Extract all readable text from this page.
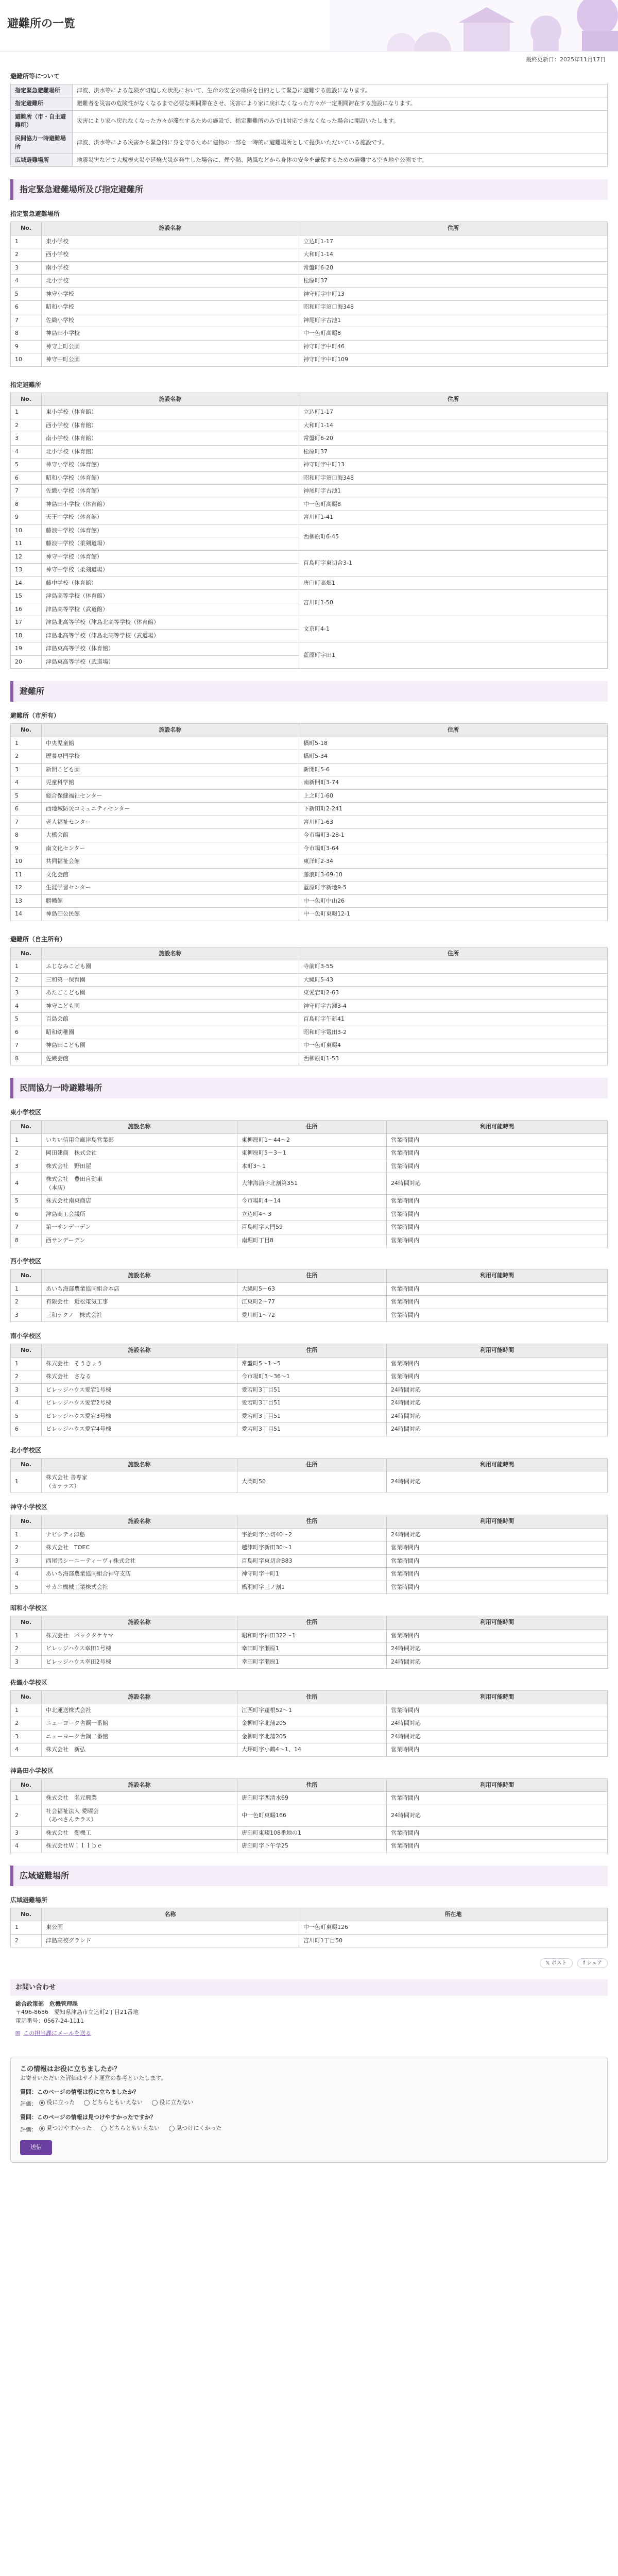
避難所の一覧
最終更新日：2025年11月17日
避難所等について
指定緊急避難場所	津波、洪水等による危険が切迫した状況において、生命の安全の確保を目的として緊急に避難する施設になります。
指定避難所	避難者を災害の危険性がなくなるまで必要な期間滞在させ、災害により家に戻れなくなった方々が一定期間滞在する施設になります。
避難所（市・自主避難所）	災害により家へ戻れなくなった方々が滞在するための施設で、指定避難所のみでは対応できなくなった場合に開設いたします。
民間協力一時避難場所	津波、洪水等による災害から緊急的に身を守るために建物の一部を一時的に避難場所として提供いただいている施設です。
広域避難場所	地震災害などで大規模火災や延焼火災が発生した場合に、煙や熱、熱風などから身体の安全を確保するための避難する空き地や公園です。
指定緊急避難場所及び指定避難所
指定緊急避難場所
No.	施設名称	住所
1	東小学校	立込町1-17
2	西小学校	大和町1-14
3	南小学校	常盤町6-20
4	北小学校	松原町37
5	神守小学校	神守町字中町13
6	昭和小学校	昭和町字須口海348
7	佐織小学校	神尾町字古池1
8	神島田小学校	中一色町高畷8
9	神守上町公園	神守町字中町46
10	神守中町公園	神守町字中町109
指定避難所
No.	施設名称	住所
1	東小学校（体育館）	立込町1-17
2	西小学校（体育館）	大和町1-14
3	南小学校（体育館）	常盤町6-20
4	北小学校（体育館）	松原町37
5	神守小学校（体育館）	神守町字中町13
6	昭和小学校（体育館）	昭和町字須口海348
7	佐織小学校（体育館）	神尾町字古池1
8	神島田小学校（体育館）	中一色町高畷8
9	天王中学校（体育館）	宮川町1-41
10	藤浪中学校（体育館）	西柳原町6-45
11	藤浪中学校（柔剣道場）	
12	神守中学校（体育館）	百島町字東切合3-1
13	神守中学校（柔剣道場）	
14	藤中学校（体育館）	唐臼町高畑1
15	津島高等学校（体育館）	宮川町1-50
16	津島高等学校（武道館）	
17	津島北高等学校（津島北高等学校（体育館）	文京町4-1
18	津島北高等学校（津島北高等学校（武道場）	
19	津島東高等学校（体育館）	藍原町字田1
20	津島東高等学校（武道場）	
避難所
避難所（市所有）
No.	施設名称	住所
1	中央児童館	橋町5-18
2	歴養専門学校	橋町5-34
3	新開こども園	新開町5-6
4	児童科学館	南新開町3-74
5	総合保健福祉センター	上之町1-60
6	西地域防災コミュニティセンター	下新田町2-241
7	老人福祉センター	宮川町1-63
8	大橋会館	今市場町3-28-1
9	南文化センター	今市場町3-64
10	共同福祉会館	東洋町2-34
11	文化会館	藤浪町3-69-10
12	生涯学習センター	藍原町字新地9-5
13	勝幡館	中一色町中山26
14	神島田公民館	中一色町東畷12-1
避難所（自主所有）
No.	施設名称	住所
1	ふじなみこども園	寺前町3-55
2	三和第一保育園	大縄町5-43
3	あたごこども園	東愛宕町2-63
4	神守こども園	神守町字古瀬3-4
5	百島会館	百島町字午新41
6	昭和幼稚園	昭和町字篭田3-2
7	神島田こども園	中一色町東畷4
8	佐織会館	西柳原町1-53
民間協力一時避難場所
東小学校区
No.	施設名称	住所	利用可能時間
1	いちい信用金庫津島営業部	東柳原町1〜44〜2	営業時間内
2	岡田建商　株式会社	東柳原町5〜3〜1	営業時間内
3	株式会社　野田屋	本町3〜1	営業時間内
4	株式会社　豊田自動車
（本店）	大津海浦字北割第351	24時間対応
5	株式会社南東商店	今市場町4〜14	営業時間内
6	津島商工会議所	立込町4〜3	営業時間内
7	第一サンデーデン	百島町字大門59	営業時間内
8	西サンデーデン	南堀町丁目8	営業時間内
西小学校区
No.	施設名称	住所	利用可能時間
1	あいち海部農業協同組合本店	大縄町5〜63	営業時間内
2	有限会社　近松電気工事	江東町2〜77	営業時間内
3	三和テクノ　株式会社	愛川町1〜72	営業時間内
南小学校区
No.	施設名称	住所	利用可能時間
1	株式会社　そうきょう	常盤町5〜1〜5	営業時間内
2	株式会社　さなる	今市場町3〜36〜1	営業時間内
3	ビレッジハウス愛宕1号棟	愛宕町3丁目51	24時間対応
4	ビレッジハウス愛宕2号棟	愛宕町3丁目51	24時間対応
5	ビレッジハウス愛宕3号棟	愛宕町3丁目51	24時間対応
6	ビレッジハウス愛宕4号棟	愛宕町3丁目51	24時間対応
北小学校区
No.	施設名称	住所	利用可能時間
1	株式会社 善専家
（カテラス）	大岡町50	24時間対応
神守小学校区
No.	施設名称	住所	利用可能時間
1	ナビシティ津島	宇治町字小切40〜2	24時間対応
2	株式会社　TOEC	越津町字新田30〜1	営業時間内
3	西尾張シーエーティーヴィ株式会社	百島町字東切合B83	営業時間内
4	あいち海部農業協同組合神守支店	神守町字中町1	営業時間内
5	サカエ機械工業株式会社	橋羽町字三ノ割1	営業時間内
昭和小学校区
No.	施設名称	住所	利用可能時間
1	株式会社　パックタケヤマ	昭和町字神田322〜1	営業時間内
2	ビレッジハウス幸田1号棟	幸田町字瀬原1	24時間対応
3	ビレッジハウス幸田2号棟	幸田町字瀬原1	24時間対応
佐織小学校区
No.	施設名称	住所	利用可能時間
1	中北運送株式会社	江西町字蓬根52〜1	営業時間内
2	ニューヨーク舎鋼一番館	金柳町字北蒲205	24時間対応
3	ニューヨーク舎鋼二番館	金柳町字北蒲205	24時間対応
4	株式会社　新弘	大坪町字小鶴4〜1、14	営業時間内
神島田小学校区
No.	施設名称	住所	利用可能時間
1	株式会社　名元興業	唐臼町字西清水69	営業時間内
2	社会福祉法人 愛曜会
（あべさんテラス）	中一色町東畷166	24時間対応
3	株式会社　衡機工	唐臼町東畷108番地の1	営業時間内
4	株式会社ＷＩｌｌｂｅ	唐臼町字下午学25	営業時間内
広域避難場所
広域避難場所
No.	名称	所在地
1	東公園	中一色町東畷126
2	津島高校グランド	宮川町1丁目50
𝕏 ポスト	f シェア
お問い合わせ
総合政策部　危機管理課
〒496-8686　愛知県津島市立込町2丁目21番地
電話番号：0567-24-1111
✉ この担当課にメールを送る
この情報はお役に立ちましたか？
お寄せいただいた評価はサイト運営の参考といたします。
質問：このページの情報は役に立ちましたか？
評価： 役に立った
	どちらともいえない
	役に立たない
質問：このページの情報は見つけやすかったですか？
評価： 見つけやすかった
	どちらともいえない
	見つけにくかった
送信
